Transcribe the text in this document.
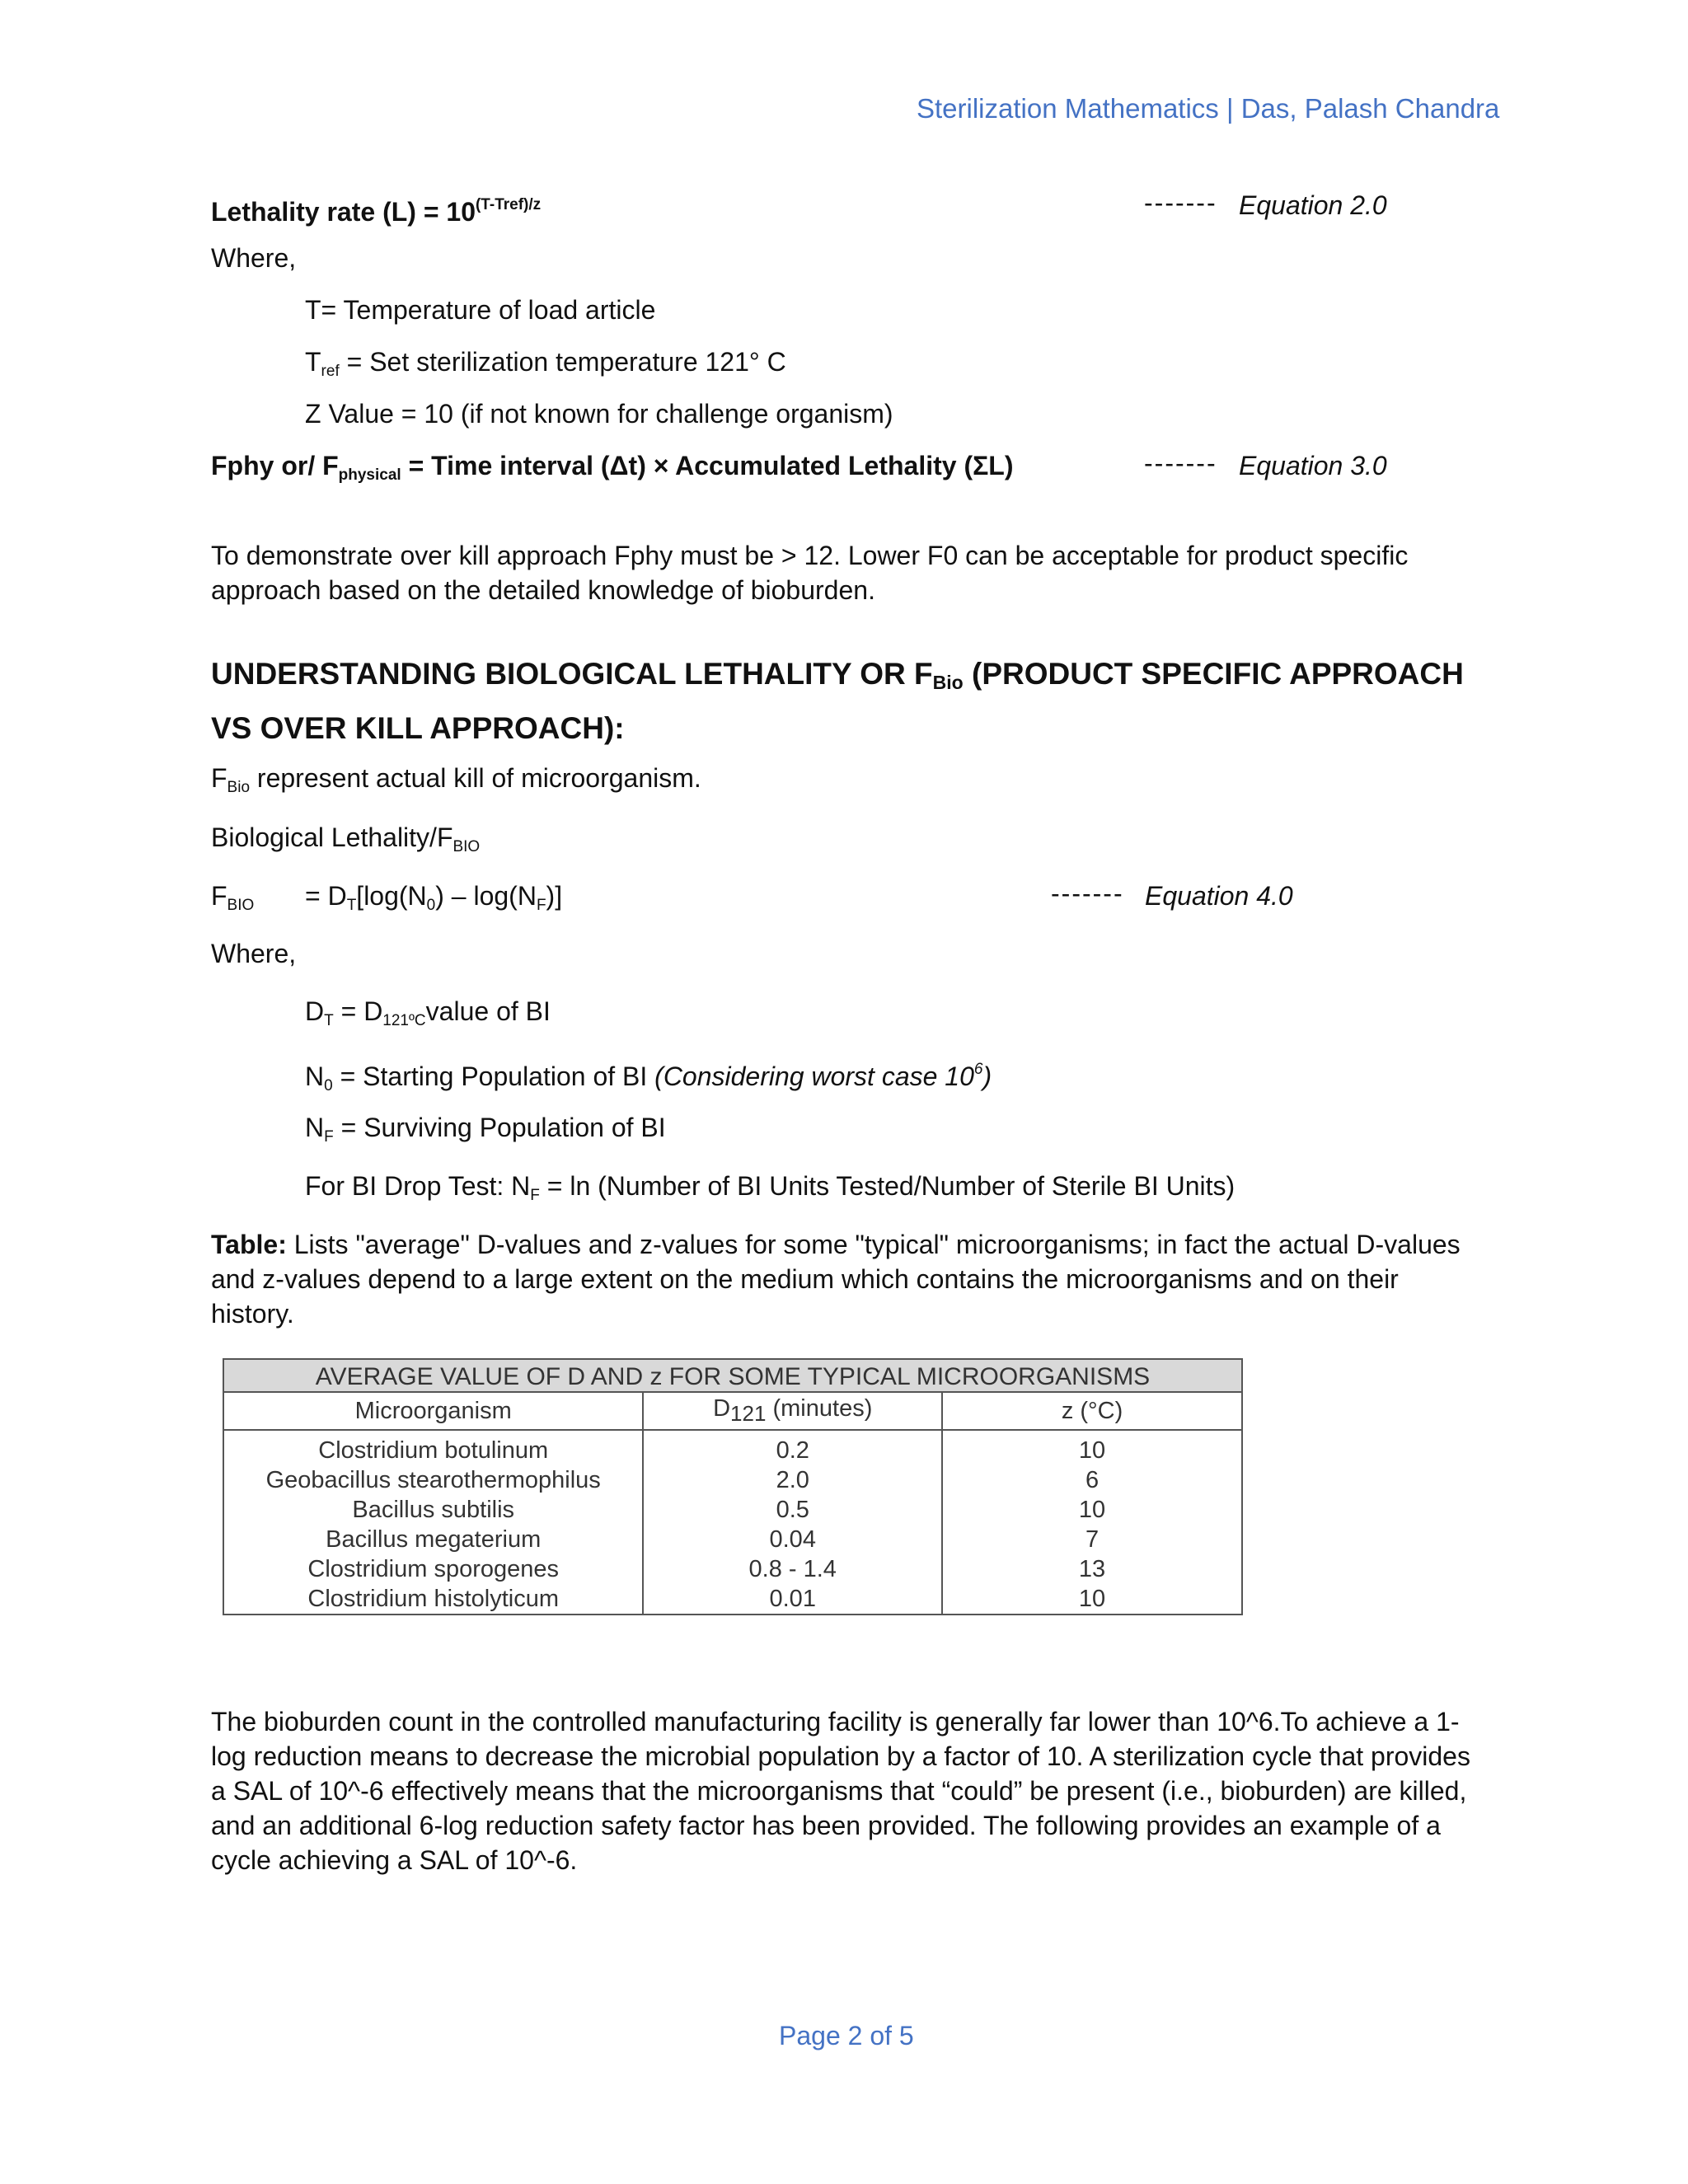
Sterilization Mathematics | Das, Palash Chandra
Lethality rate $(L) = 10^{(T-Tref)/z}$	------- Equation 2.0
Where,
T= Temperature of load article
$T_{ref}$ = Set sterilization temperature 121° C
Z Value = 10 (if not known for challenge organism)
Fphy or/ $F_{physical}$ = Time interval (Δt) × Accumulated Lethality (ΣL)	------- Equation 3.0
To demonstrate over kill approach Fphy must be > 12. Lower F0 can be acceptable for product specific approach based on the detailed knowledge of bioburden.
UNDERSTANDING BIOLOGICAL LETHALITY OR $F_{Bio}$ (PRODUCT SPECIFIC APPROACH VS OVER KILL APPROACH):
$F_{Bio}$ represent actual kill of microorganism.
Biological Lethality/$F_{BIO}$
$F_{BIO} = D_T[\log(N_0) - \log(N_F)]$	------- Equation 4.0
Where,
$D_T$ = $D_{121ºC}value$ of BI
$N_0$ = Starting Population of BI (Considering worst case $10^6$)
$N_F$ = Surviving Population of BI
For BI Drop Test: $N_F = \ln$ (Number of BI Units Tested/Number of Sterile BI Units)
Table: Lists "average" D-values and z-values for some "typical" microorganisms; in fact the actual D-values and z-values depend to a large extent on the medium which contains the microorganisms and on their history.
AVERAGE VALUE OF D AND z FOR SOME TYPICAL MICROORGANISMS
Microorganism	$D_{121}$ (minutes)	z (°C)
Clostridium botulinum	0.2	10
Geobacillus stearothermophilus	2.0	6
Bacillus subtilis	0.5	10
Bacillus megaterium	0.04	7
Clostridium sporogenes	0.8 - 1.4	13
Clostridium histolyticum	0.01	10
The bioburden count in the controlled manufacturing facility is generally far lower than 10^6.To achieve a 1-log reduction means to decrease the microbial population by a factor of 10. A sterilization cycle that provides a SAL of 10^-6 effectively means that the microorganisms that “could” be present (i.e., bioburden) are killed, and an additional 6-log reduction safety factor has been provided. The following provides an example of a cycle achieving a SAL of 10^-6.
Page 2 of 5
